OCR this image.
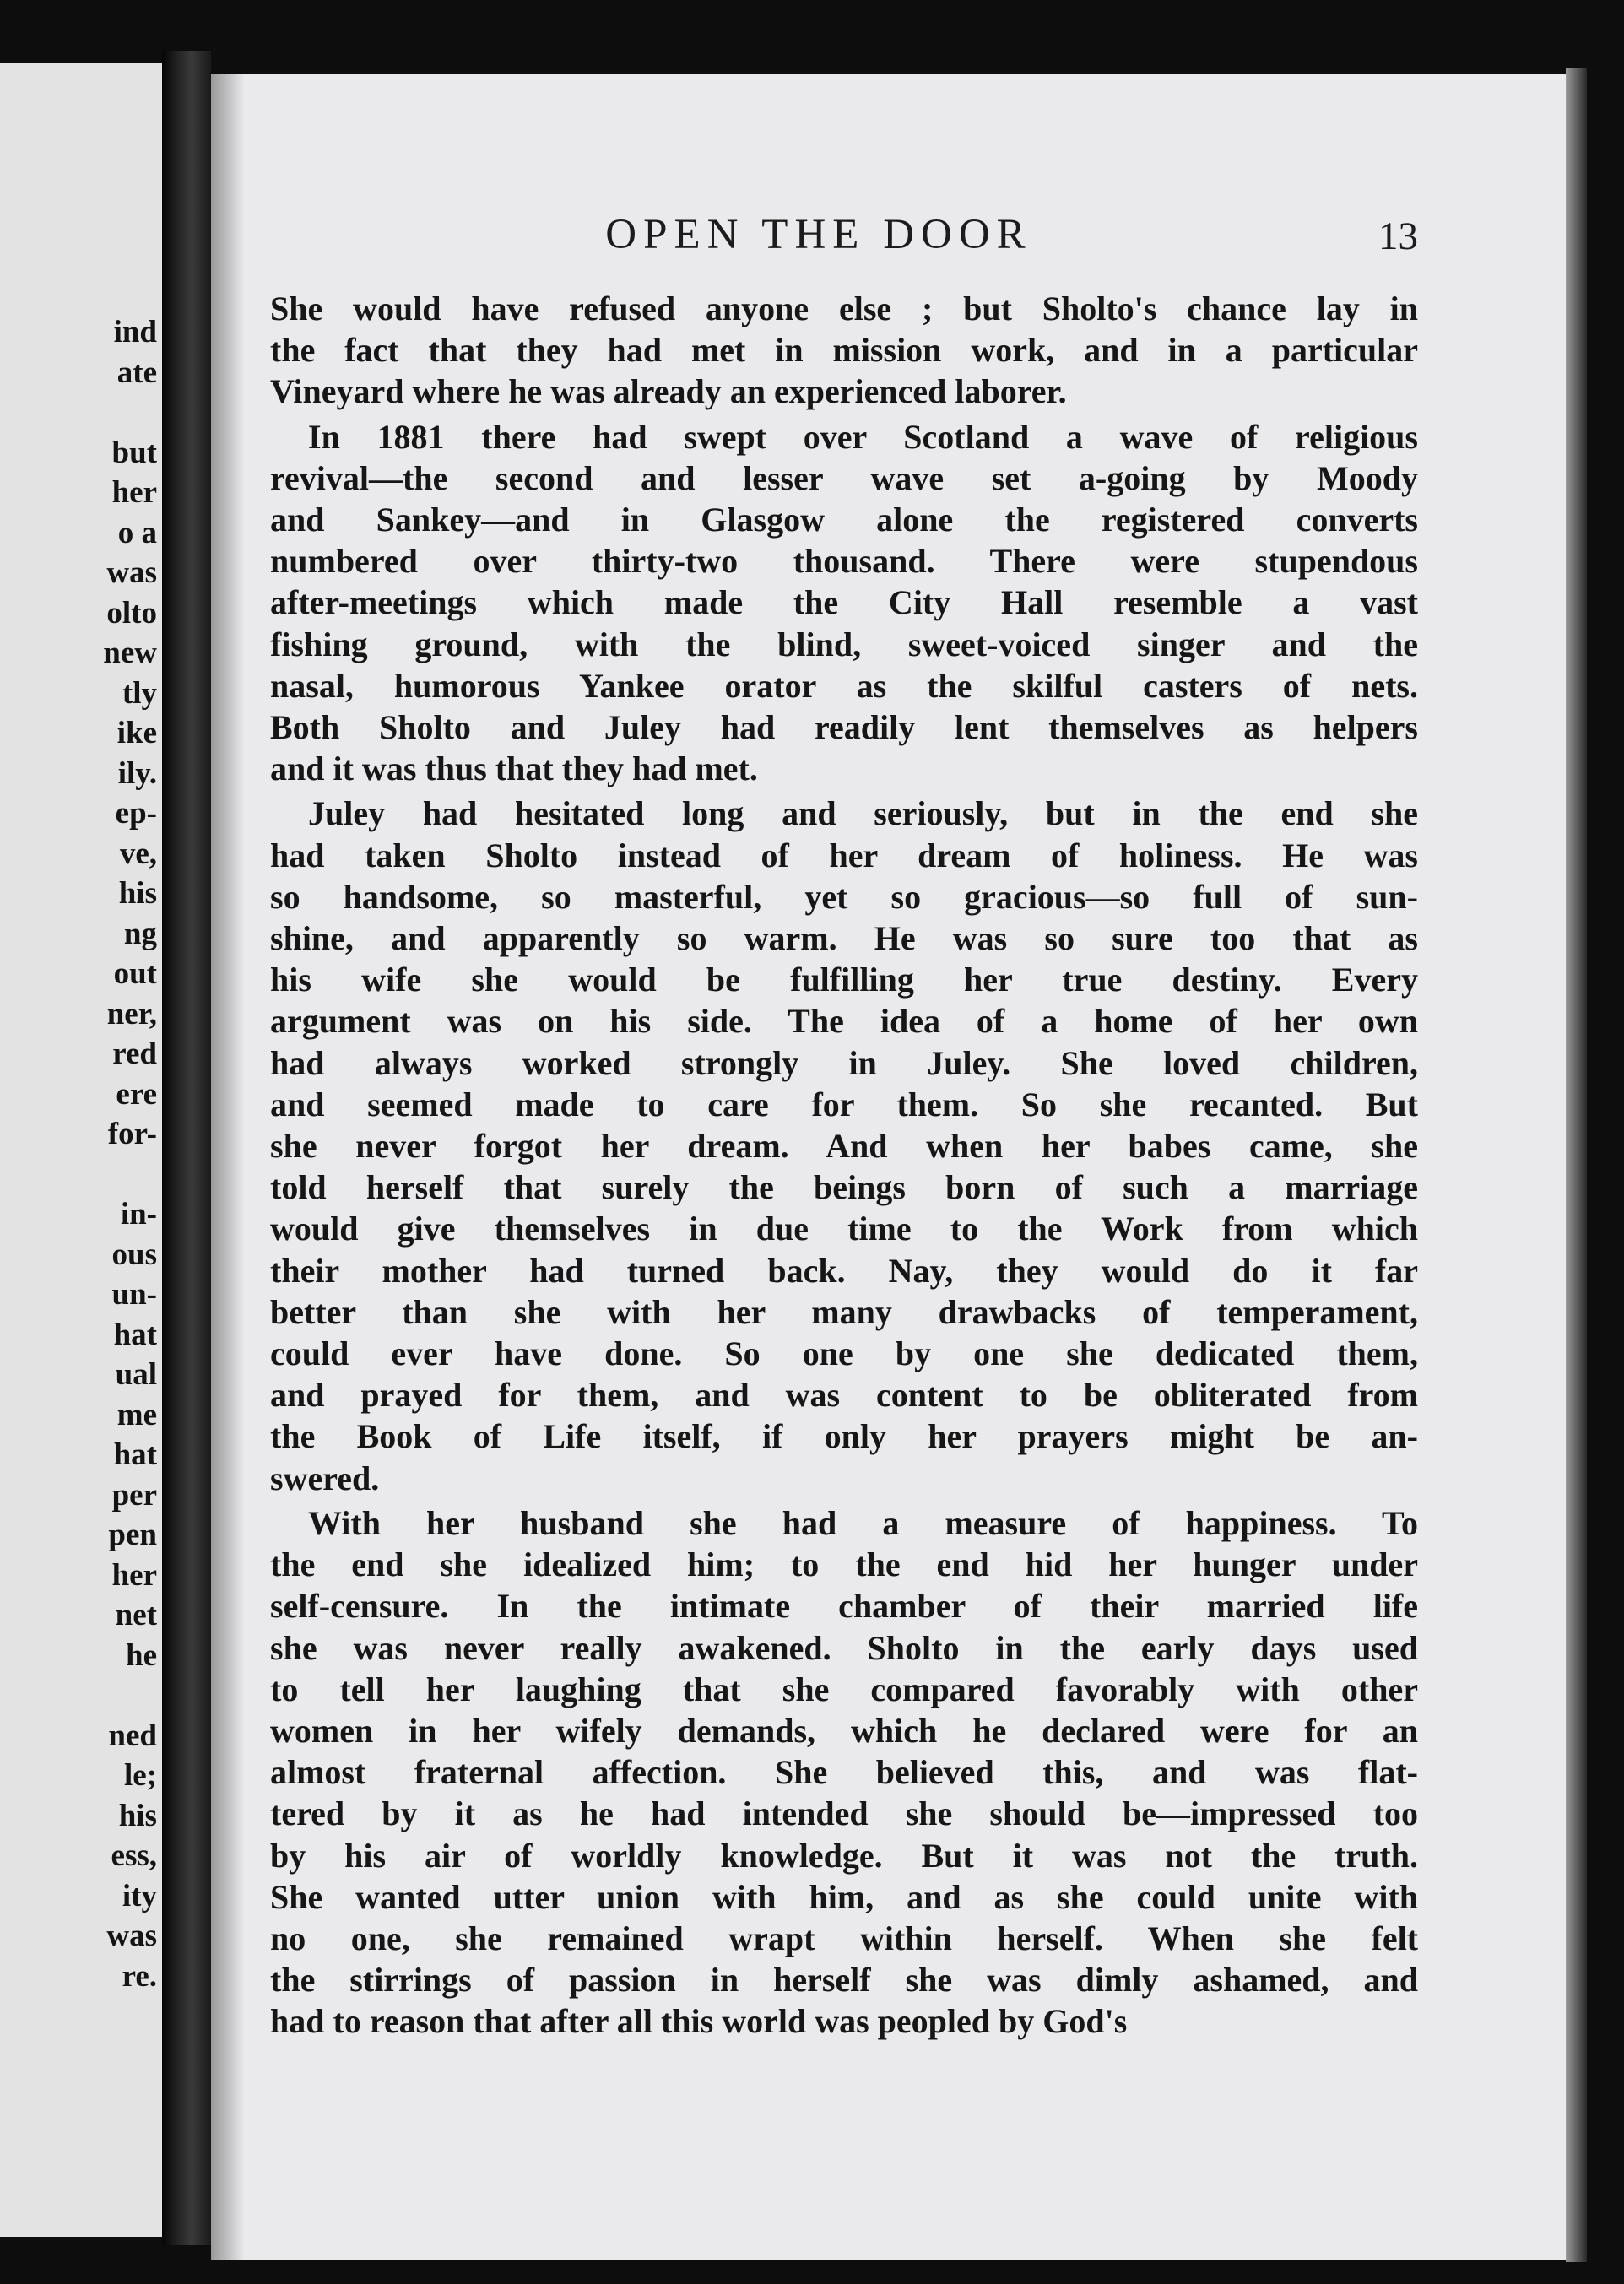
ind
ate
but
her
o a
was
olto
new
tly
ike
ily.
ep-
ve,
his
ng
out
ner,
red
ere
for-
in-
ous
un-
hat
ual
me
hat
per
pen
her
net
he
ned
le;
his
ess,
ity
was
re.
OPEN THE DOOR	13

She would have refused anyone else ; but Sholto's chance lay in

the fact that they had met in mission work, and in a particular

Vineyard where he was already an experienced laborer.

In 1881 there had swept over Scotland a wave of religious

revival—the second and lesser wave set a-going by Moody

and Sankey—and in Glasgow alone the registered converts

numbered over thirty-two thousand. There were stupendous

after-meetings which made the City Hall resemble a vast

fishing ground, with the blind, sweet-voiced singer and the

nasal, humorous Yankee orator as the skilful casters of nets.

Both Sholto and Juley had readily lent themselves as helpers

and it was thus that they had met.

Juley had hesitated long and seriously, but in the end she

had taken Sholto instead of her dream of holiness. He was

so handsome, so masterful, yet so gracious—so full of sun-

shine, and apparently so warm. He was so sure too that as

his wife she would be fulfilling her true destiny. Every

argument was on his side. The idea of a home of her own

had always worked strongly in Juley. She loved children,

and seemed made to care for them. So she recanted. But

she never forgot her dream. And when her babes came, she

told herself that surely the beings born of such a marriage

would give themselves in due time to the Work from which

their mother had turned back. Nay, they would do it far

better than she with her many drawbacks of temperament,

could ever have done. So one by one she dedicated them,

and prayed for them, and was content to be obliterated from

the Book of Life itself, if only her prayers might be an-

swered.

With her husband she had a measure of happiness. To

the end she idealized him; to the end hid her hunger under

self-censure. In the intimate chamber of their married life

she was never really awakened. Sholto in the early days used

to tell her laughing that she compared favorably with other

women in her wifely demands, which he declared were for an

almost fraternal affection. She believed this, and was flat-

tered by it as he had intended she should be—impressed too

by his air of worldly knowledge. But it was not the truth.

She wanted utter union with him, and as she could unite with

no one, she remained wrapt within herself. When she felt

the stirrings of passion in herself she was dimly ashamed, and

had to reason that after all this world was peopled by God's
